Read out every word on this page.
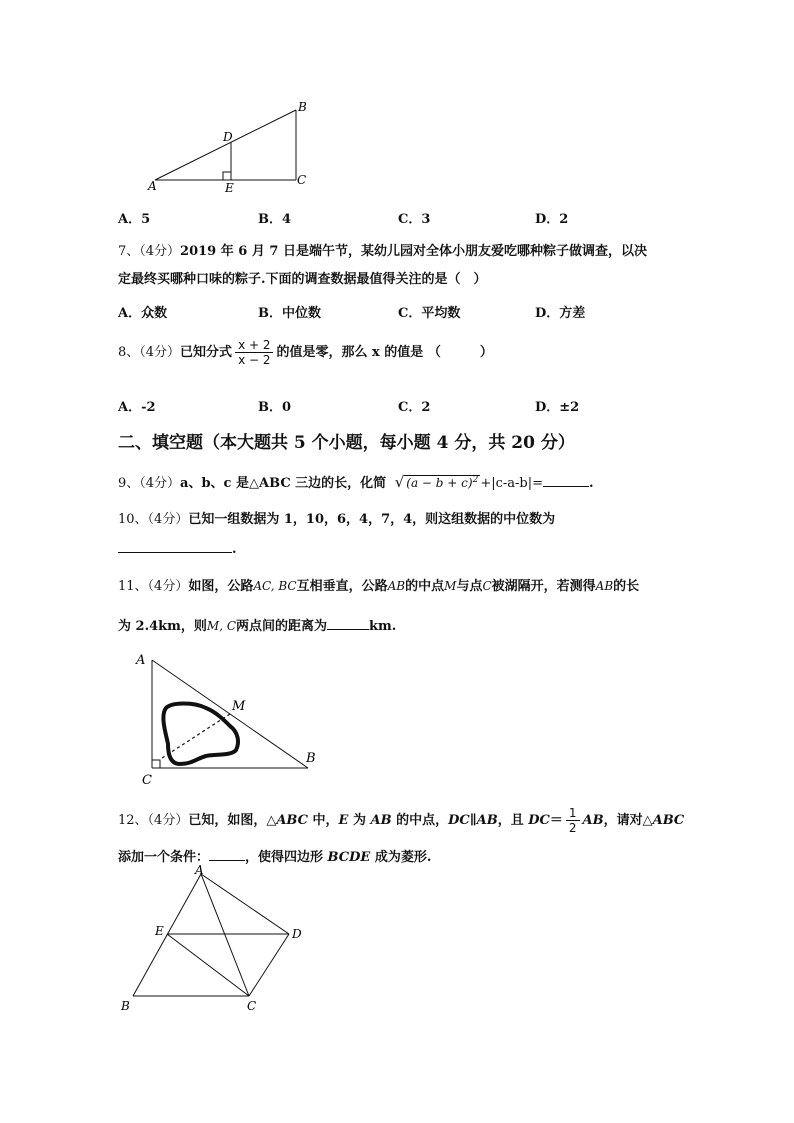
A
B
C
D
E
A．5	B．4	C．3	D．2
7、（4分）2019 年 6 月 7 日是端午节，某幼儿园对全体小朋友爱吃哪种粽子做调查，以决
定最终买哪种口味的粽子.下面的调查数据最值得关注的是（　）
A．众数	B．中位数	C．平均数	D．方差
8、（4分）已知分式 $\frac{x + 2}{x - 2}$ 的值是零，那么 x 的值是 （　　　）
A．-2	B．0	C．2	D．±2
二、填空题（本大题共 5 个小题，每小题 4 分，共 20 分）
9、（4分）a、b、c 是△ABC 三边的长，化简 √ $(a - b + c)^2 +|c-a-b|=$	.
10、（4分）已知一组数据为 1，10，6，4，7，4，则这组数据的中位数为
.
11、（4分）如图，公路AC, BC互相垂直，公路AB的中点M与点C被湖隔开，若测得AB的长
为 2.4km，则M, C两点间的距离为	km.
A
M
B
C
12、（4分）已知，如图，△ABC 中，E 为 AB 的中点，DC∥AB，且 $DC= \frac{1}{2}$ AB，请对△ABC
添加一个条件：	，使得四边形 BCDE 成为菱形.
A
E	D
B	C
